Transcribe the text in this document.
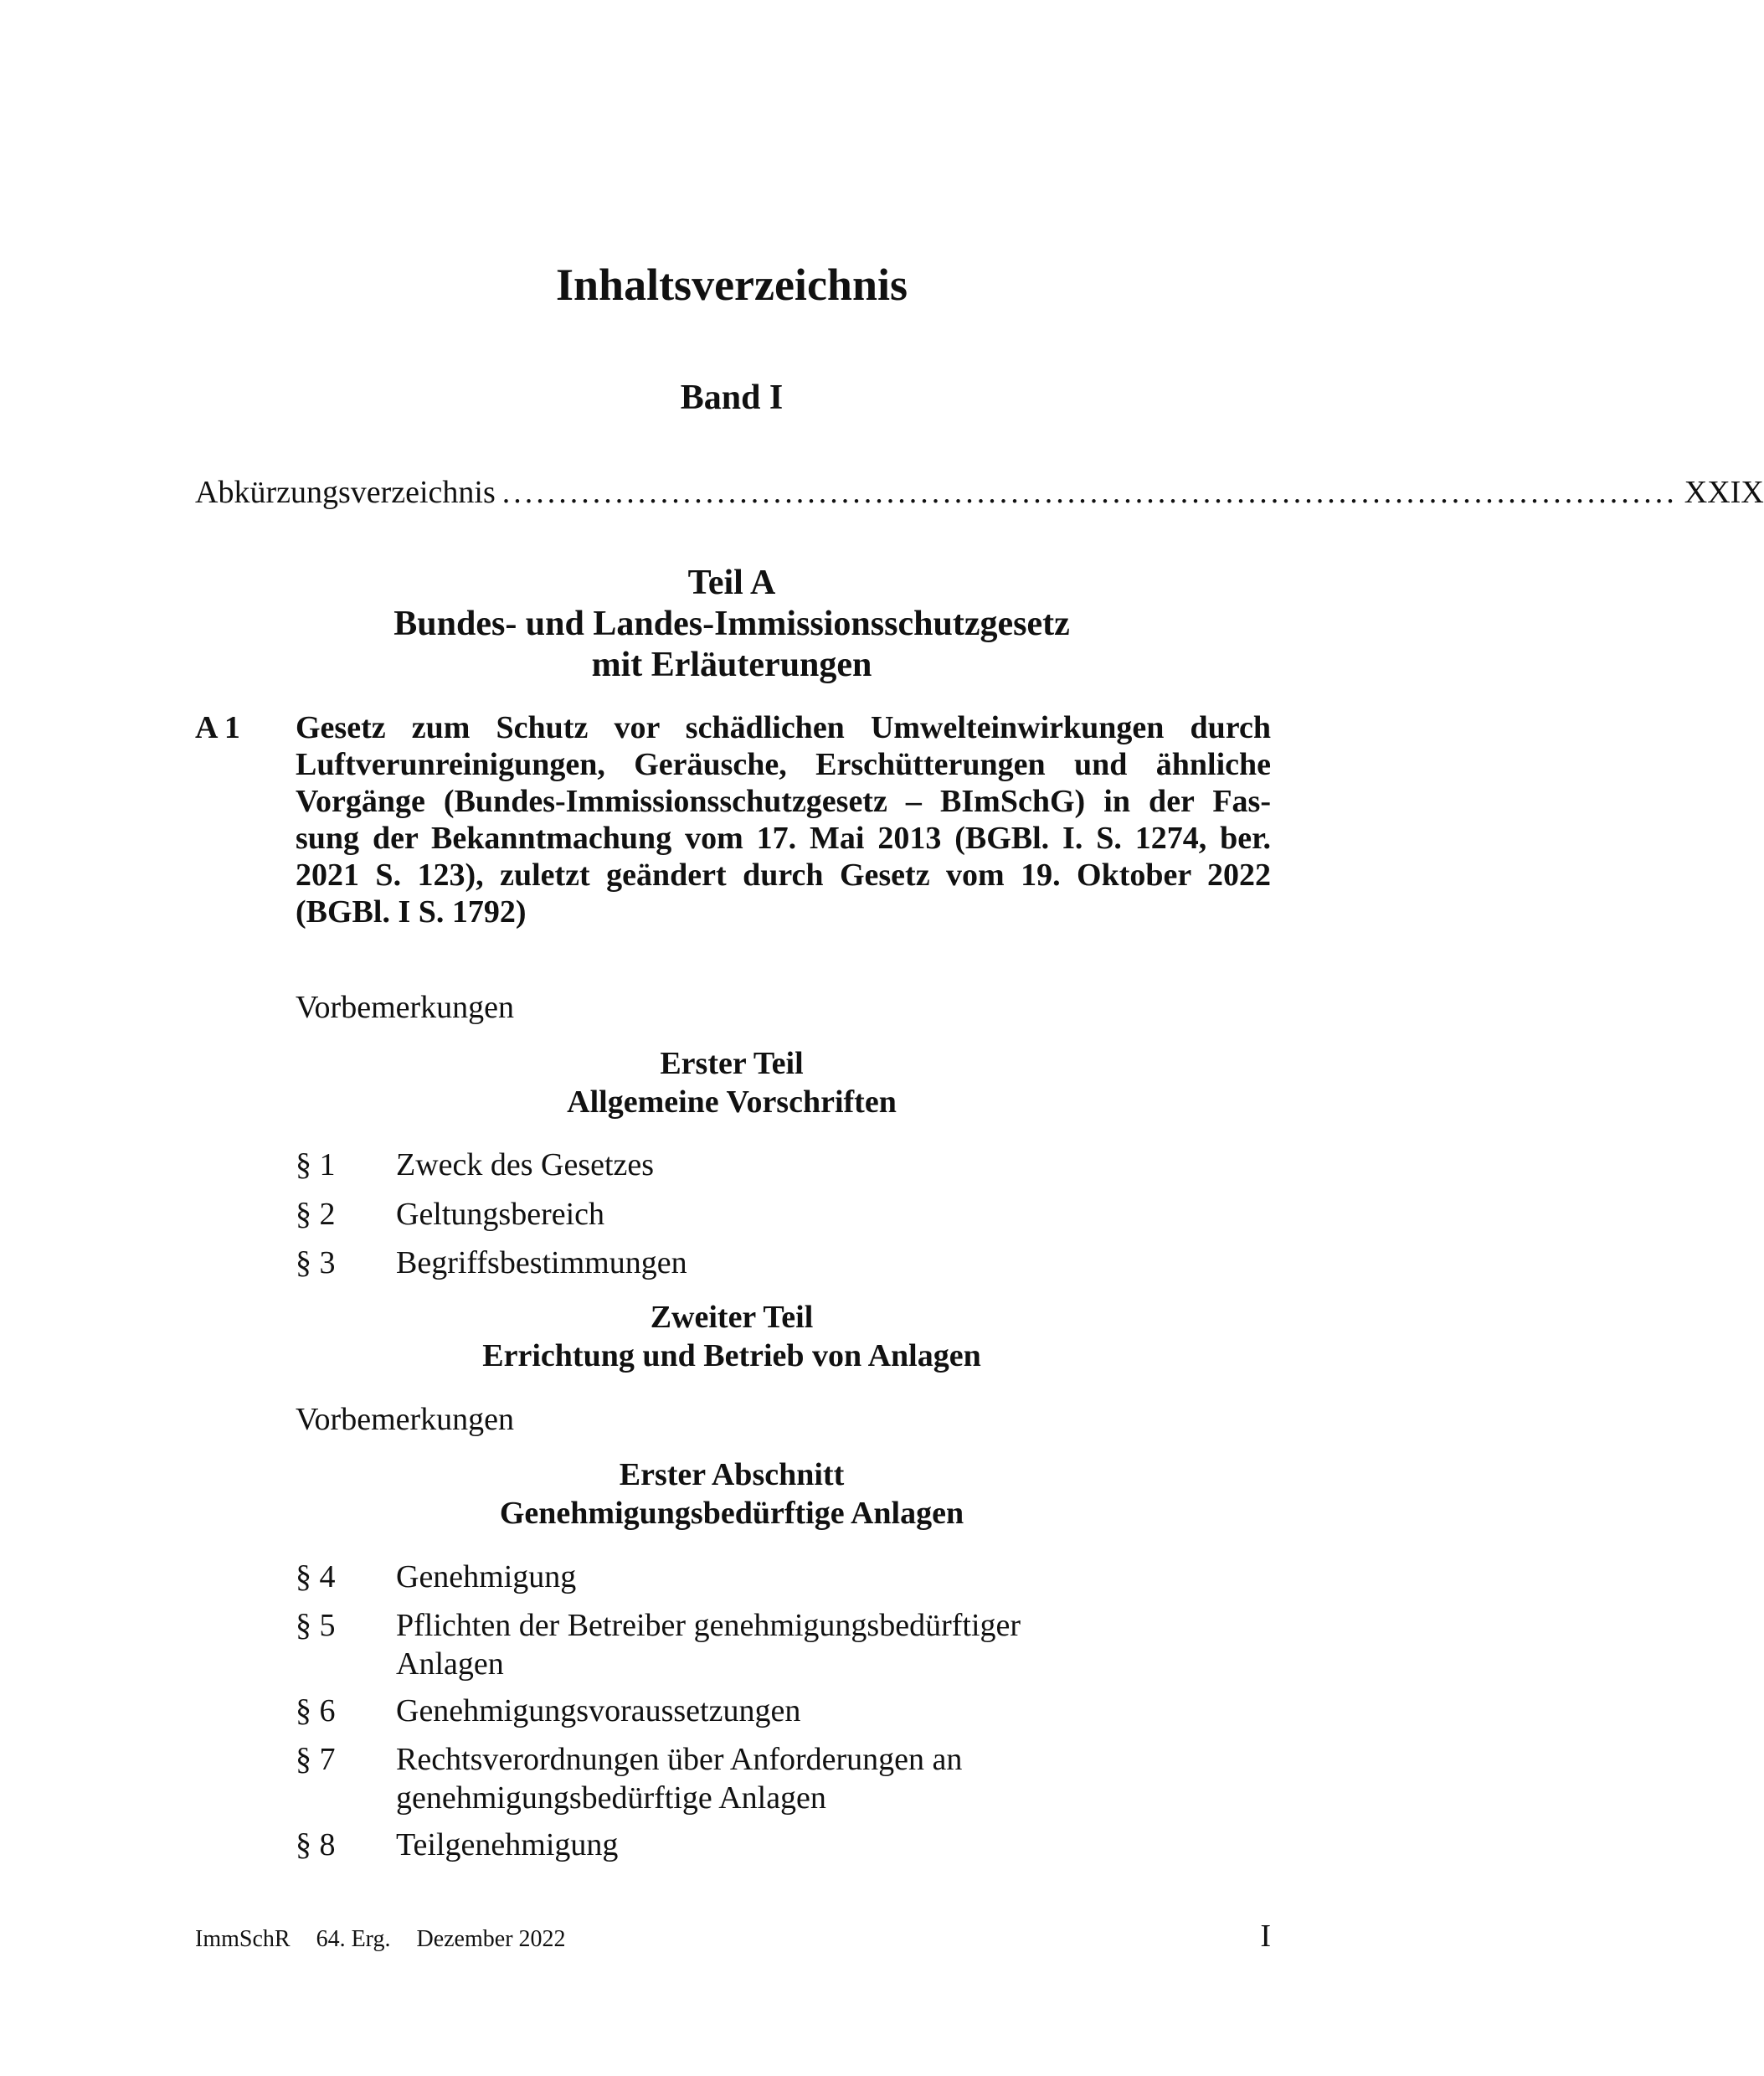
Inhaltsverzeichnis
Band I
Abkürzungsverzeichnis ........................................................................................................ XXIX
Teil A
Bundes- und Landes-Immissionsschutzgesetz
mit Erläuterungen
A 1 Gesetz zum Schutz vor schädlichen Umwelteinwirkungen durch
Luftverunreinigungen, Geräusche, Erschütterungen und ähnliche
Vorgänge (Bundes-Immissionsschutzgesetz – BImSchG) in der Fas-
sung der Bekanntmachung vom 17. Mai 2013 (BGBl. I. S. 1274, ber.
2021 S. 123), zuletzt geändert durch Gesetz vom 19. Oktober 2022
(BGBl. I S. 1792)
Vorbemerkungen
Erster Teil
Allgemeine Vorschriften
§ 1	Zweck des Gesetzes
§ 2	Geltungsbereich
§ 3	Begriffsbestimmungen
Zweiter Teil
Errichtung und Betrieb von Anlagen
Vorbemerkungen
Erster Abschnitt
Genehmigungsbedürftige Anlagen
§ 4	Genehmigung
§ 5	Pflichten der Betreiber genehmigungsbedürftiger
Anlagen
§ 6	Genehmigungsvoraussetzungen
§ 7	Rechtsverordnungen über Anforderungen an
genehmigungsbedürftige Anlagen
§ 8	Teilgenehmigung
ImmSchR 64. Erg. Dezember 2022	I
